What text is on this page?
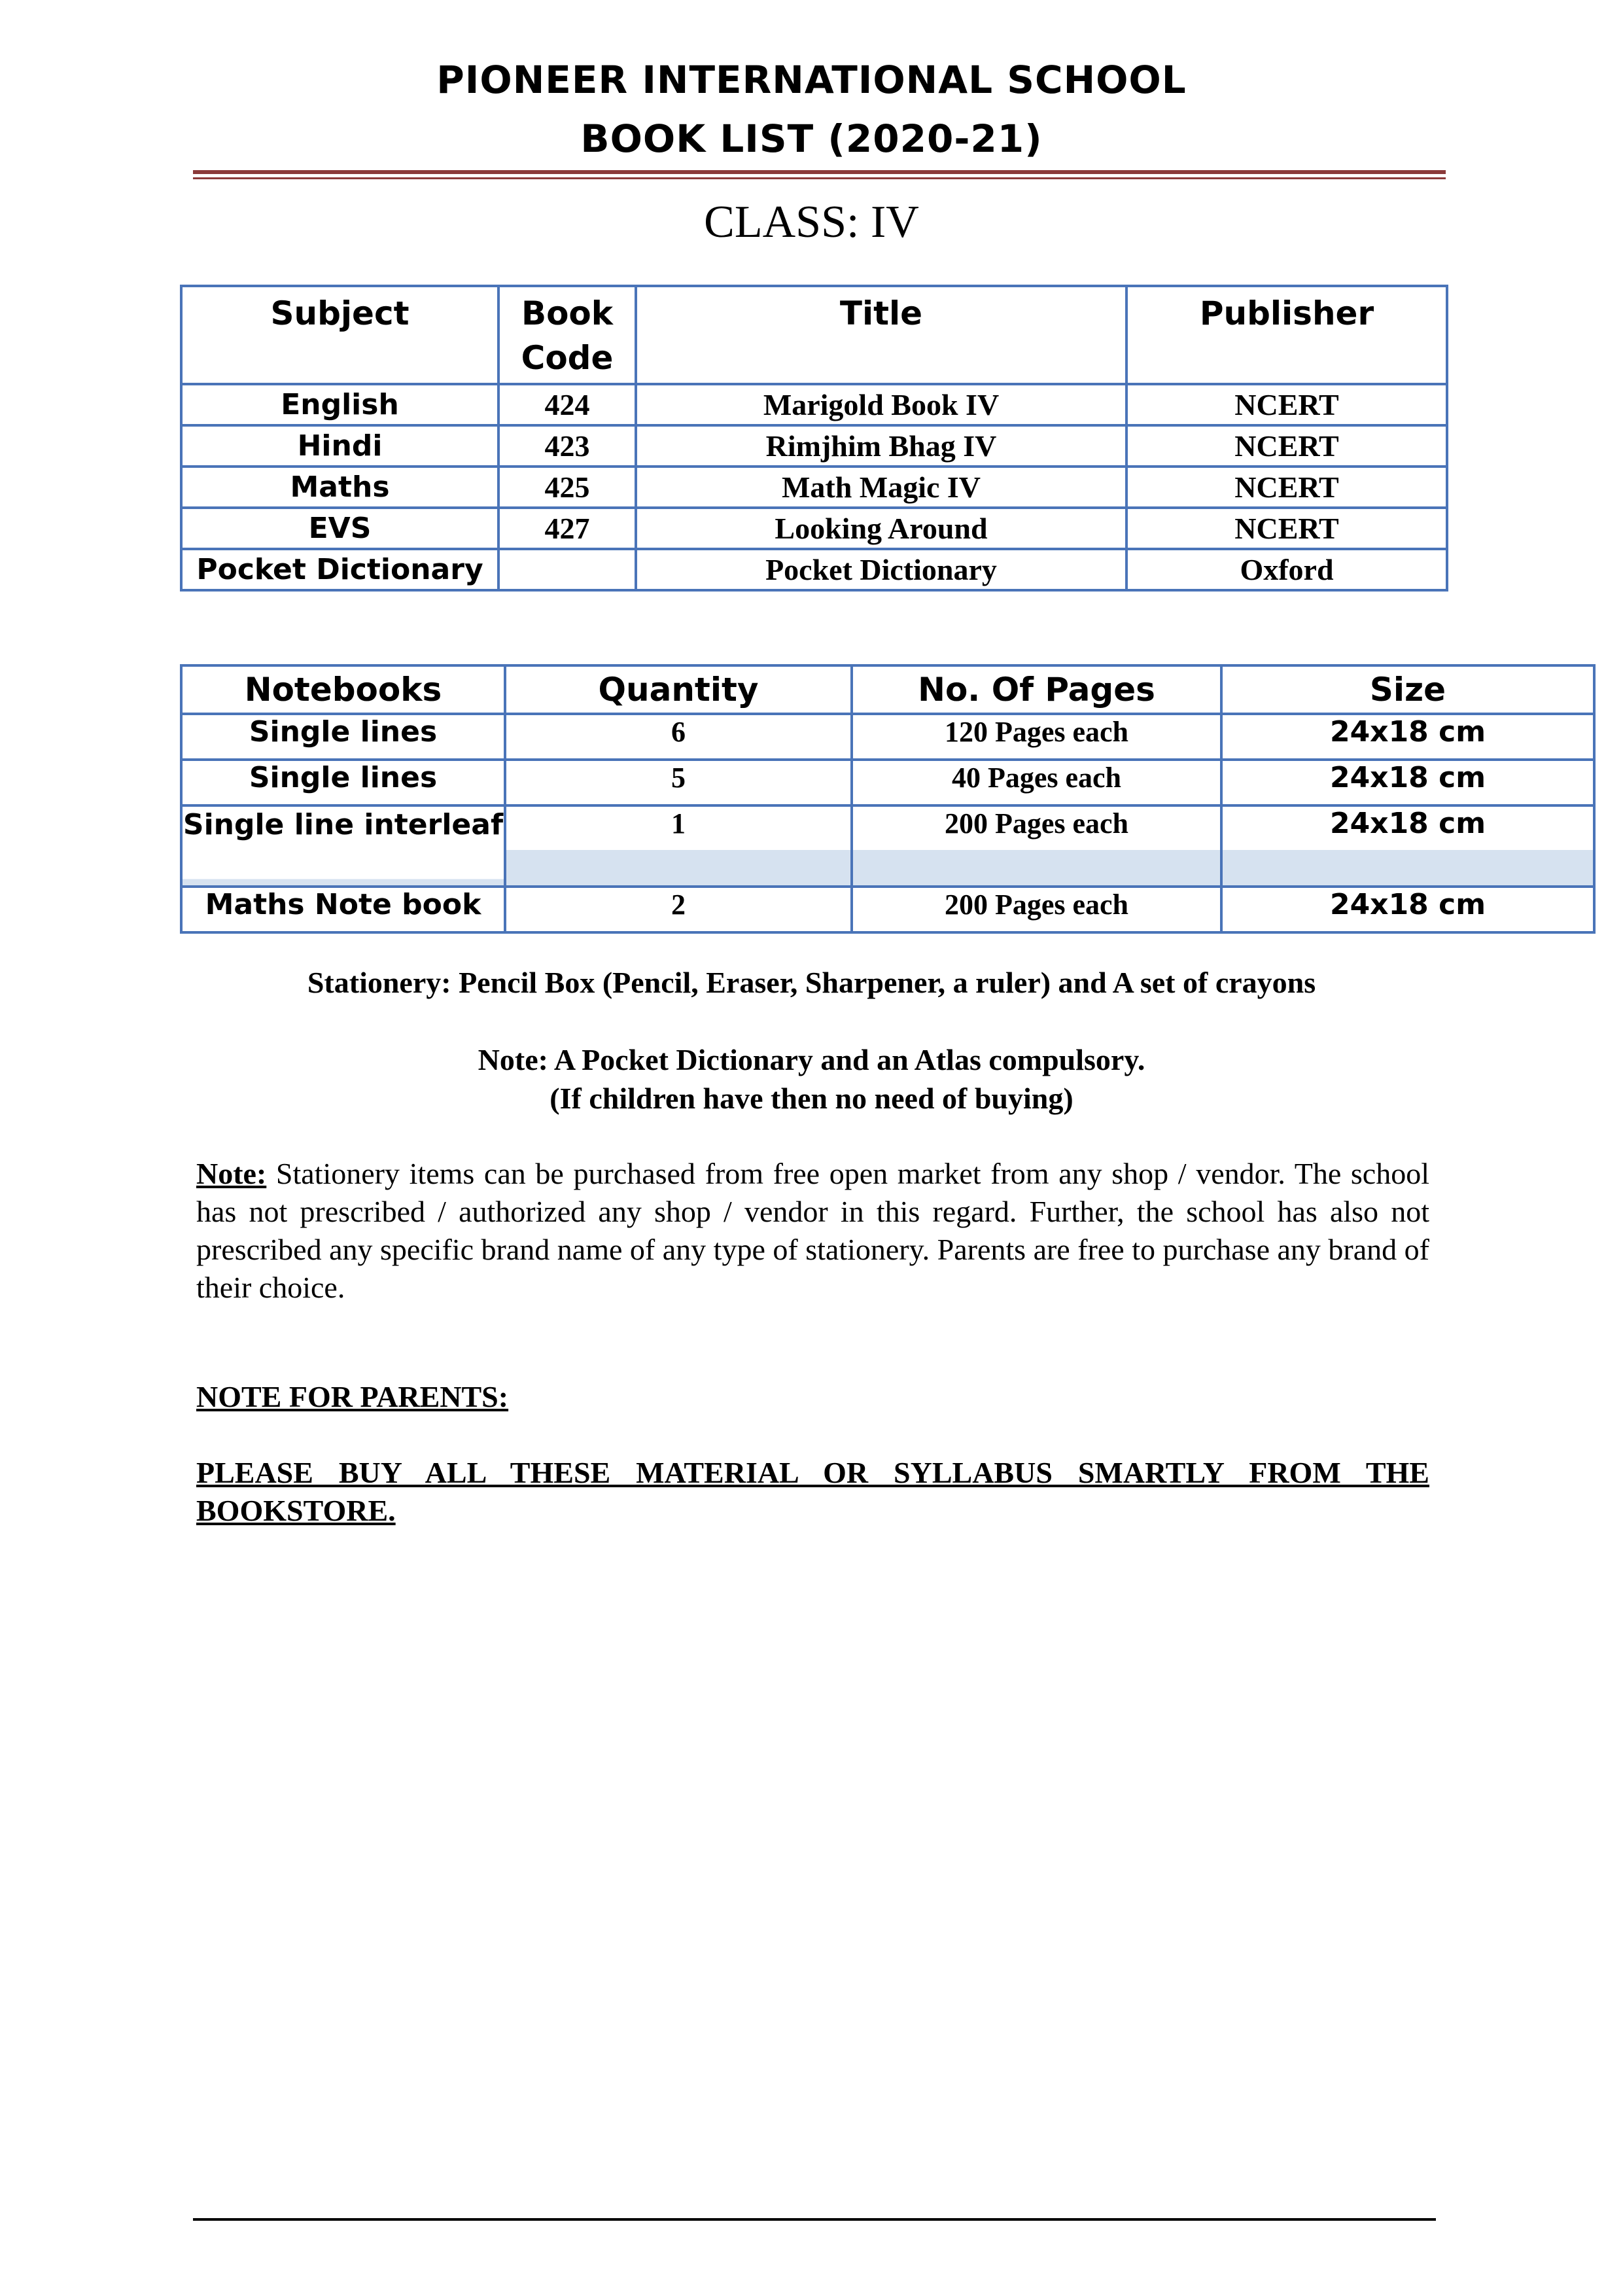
PIONEER INTERNATIONAL SCHOOL
BOOK LIST (2020-21)
CLASS: IV
Subject	Book Code	Title	Publisher
English	424	Marigold Book IV	NCERT
Hindi	423	Rimjhim Bhag IV	NCERT
Maths	425	Math Magic IV	NCERT
EVS	427	Looking Around	NCERT
Pocket Dictionary		Pocket Dictionary	Oxford
Notebooks	Quantity	No. Of Pages	Size
Single lines	6	120 Pages each	24x18 cm
Single lines	5	40 Pages each	24x18 cm
Single line interleaf	1	200 Pages each	24x18 cm
Maths Note book	2	200 Pages each	24x18 cm
Stationery: Pencil Box (Pencil, Eraser, Sharpener, a ruler) and A set of crayons
Note: A Pocket Dictionary and an Atlas compulsory.
(If children have then no need of buying)
Note: Stationery items can be purchased from free open market from any shop / vendor. The school has not prescribed / authorized any shop / vendor in this regard. Further, the school has also not prescribed any specific brand name of any type of stationery. Parents are free to purchase any brand of their choice.
NOTE FOR PARENTS:
PLEASE BUY ALL THESE MATERIAL OR SYLLABUS SMARTLY FROM THE BOOKSTORE.
